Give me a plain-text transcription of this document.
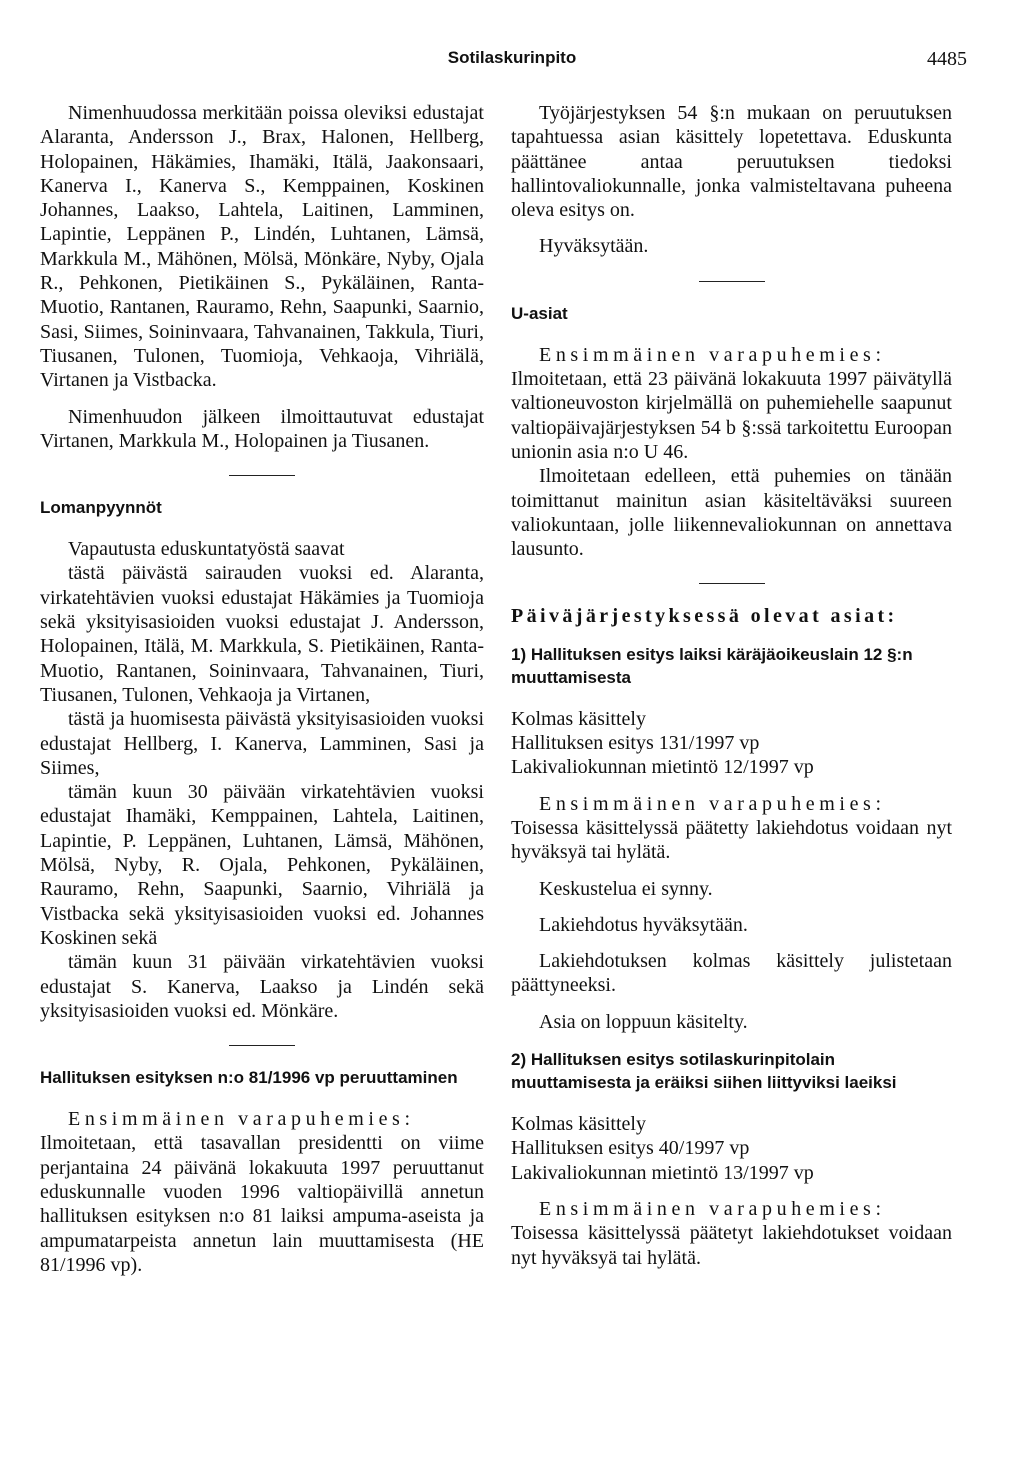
Sotilaskurinpito	4485

Nimenhuudossa merkitään poissa oleviksi edustajat Alaranta, Andersson J., Brax, Halonen, Hellberg, Holopainen, Häkämies, Ihamäki, Itälä, Jaakonsaari, Kanerva I., Kanerva S., Kemppainen, Koskinen Johannes, Laakso, Lahtela, Laitinen, Lamminen, Lapintie, Leppänen P., Lindén, Luhtanen, Lämsä, Markkula M., Mähönen, Mölsä, Mönkäre, Nyby, Ojala R., Pehkonen, Pietikäinen S., Pykäläinen, Ranta-Muotio, Rantanen, Rauramo, Rehn, Saapunki, Saarnio, Sasi, Siimes, Soininvaara, Tahvanainen, Takkula, Tiuri, Tiusanen, Tulonen, Tuomioja, Vehkaoja, Vihriälä, Virtanen ja Vistbacka.

Nimenhuudon jälkeen ilmoittautuvat edustajat Virtanen, Markkula M., Holopainen ja Tiusanen.

Lomanpyynnöt

Vapautusta eduskuntatyöstä saavat

tästä päivästä sairauden vuoksi ed. Alaranta, virkatehtävien vuoksi edustajat Häkämies ja Tuomioja sekä yksityisasioiden vuoksi edustajat J. Andersson, Holopainen, Itälä, M. Markkula, S. Pietikäinen, Ranta-Muotio, Rantanen, Soininvaara, Tahvanainen, Tiuri, Tiusanen, Tulonen, Vehkaoja ja Virtanen,

tästä ja huomisesta päivästä yksityisasioiden vuoksi edustajat Hellberg, I. Kanerva, Lamminen, Sasi ja Siimes,

tämän kuun 30 päivään virkatehtävien vuoksi edustajat Ihamäki, Kemppainen, Lahtela, Laitinen, Lapintie, P. Leppänen, Luhtanen, Lämsä, Mähönen, Mölsä, Nyby, R. Ojala, Pehkonen, Pykäläinen, Rauramo, Rehn, Saapunki, Saarnio, Vihriälä ja Vistbacka sekä yksityisasioiden vuoksi ed. Johannes Koskinen sekä

tämän kuun 31 päivään virkatehtävien vuoksi edustajat S. Kanerva, Laakso ja Lindén sekä yksityisasioiden vuoksi ed. Mönkäre.

Hallituksen esityksen n:o 81/1996 vp peruuttaminen

Ensimmäinen varapuhemies:

Ilmoitetaan, että tasavallan presidentti on viime perjantaina 24 päivänä lokakuuta 1997 peruuttanut eduskunnalle vuoden 1996 valtiopäivillä annetun hallituksen esityksen n:o 81 laiksi ampuma-aseista ja ampumatarpeista annetun lain muuttamisesta (HE 81/1996 vp).

Työjärjestyksen 54 §:n mukaan on peruutuksen tapahtuessa asian käsittely lopetettava. Eduskunta päättänee antaa peruutuksen tiedoksi hallintovaliokunnalle, jonka valmisteltavana puheena oleva esitys on.

Hyväksytään.

U-asiat

Ensimmäinen varapuhemies:

Ilmoitetaan, että 23 päivänä lokakuuta 1997 päivätyllä valtioneuvoston kirjelmällä on puhemiehelle saapunut valtiopäivajärjestyksen 54 b §:ssä tarkoitettu Euroopan unionin asia n:o U 46.

Ilmoitetaan edelleen, että puhemies on tänään toimittanut mainitun asian käsiteltäväksi suureen valiokuntaan, jolle liikennevaliokunnan on annettava lausunto.

Päiväjärjestyksessä olevat asiat:

1) Hallituksen esitys laiksi käräjäoikeuslain 12 §:n muuttamisesta

Kolmas käsittely

Hallituksen esitys 131/1997 vp

Lakivaliokunnan mietintö 12/1997 vp

Ensimmäinen varapuhemies:

Toisessa käsittelyssä päätetty lakiehdotus voidaan nyt hyväksyä tai hylätä.

Keskustelua ei synny.

Lakiehdotus hyväksytään.

Lakiehdotuksen kolmas käsittely julistetaan päättyneeksi.

Asia on loppuun käsitelty.

2) Hallituksen esitys sotilaskurinpitolain muuttamisesta ja eräiksi siihen liittyviksi laeiksi

Kolmas käsittely

Hallituksen esitys 40/1997 vp

Lakivaliokunnan mietintö 13/1997 vp

Ensimmäinen varapuhemies:

Toisessa käsittelyssä päätetyt lakiehdotukset voidaan nyt hyväksyä tai hylätä.
